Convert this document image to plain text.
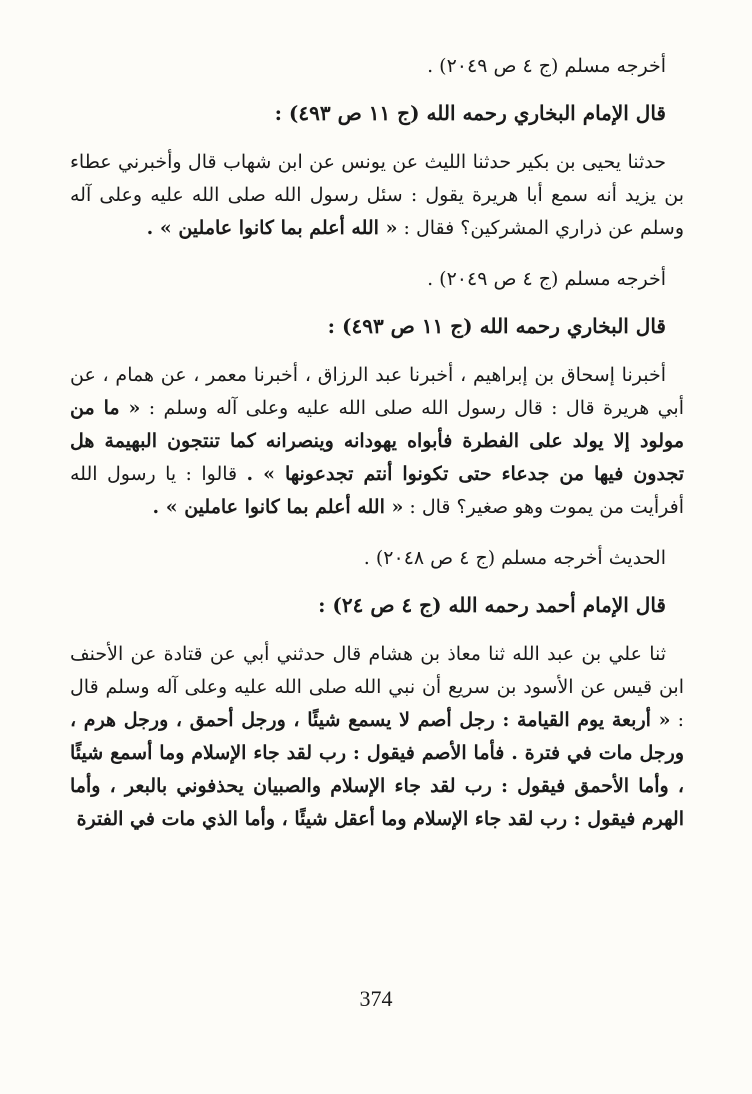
أخرجه مسلم (ج ٤ ص ٢٠٤٩) .

قال الإمام البخاري رحمه الله (ج ١١ ص ٤٩٣) :

حدثنا يحيى بن بكير حدثنا الليث عن يونس عن ابن شهاب قال وأخبرني عطاء بن يزيد أنه سمع أبا هريرة يقول : سئل رسول الله صلى الله عليه وعلى آله وسلم عن ذراري المشركين؟ فقال : « الله أعلم بما كانوا عاملين » .

أخرجه مسلم (ج ٤ ص ٢٠٤٩) .

قال البخاري رحمه الله (ج ١١ ص ٤٩٣) :

أخبرنا إسحاق بن إبراهيم ، أخبرنا عبد الرزاق ، أخبرنا معمر ، عن همام ، عن أبي هريرة قال : قال رسول الله صلى الله عليه وعلى آله وسلم : « ما من مولود إلا يولد على الفطرة فأبواه يهودانه وينصرانه كما تنتجون البهيمة هل تجدون فيها من جدعاء حتى تكونوا أنتم تجدعونها » . قالوا : يا رسول الله أفرأيت من يموت وهو صغير؟ قال : « الله أعلم بما كانوا عاملين » .

الحديث أخرجه مسلم (ج ٤ ص ٢٠٤٨) .

قال الإمام أحمد رحمه الله (ج ٤ ص ٢٤) :

ثنا علي بن عبد الله ثنا معاذ بن هشام قال حدثني أبي عن قتادة عن الأحنف ابن قيس عن الأسود بن سريع أن نبي الله صلى الله عليه وعلى آله وسلم قال : « أربعة يوم القيامة : رجل أصم لا يسمع شيئًا ، ورجل أحمق ، ورجل هرم ، ورجل مات في فترة . فأما الأصم فيقول : رب لقد جاء الإسلام وما أسمع شيئًا ، وأما الأحمق فيقول : رب لقد جاء الإسلام والصبيان يحذفوني بالبعر ، وأما الهرم فيقول : رب لقد جاء الإسلام وما أعقل شيئًا ، وأما الذي مات في الفترة

374
